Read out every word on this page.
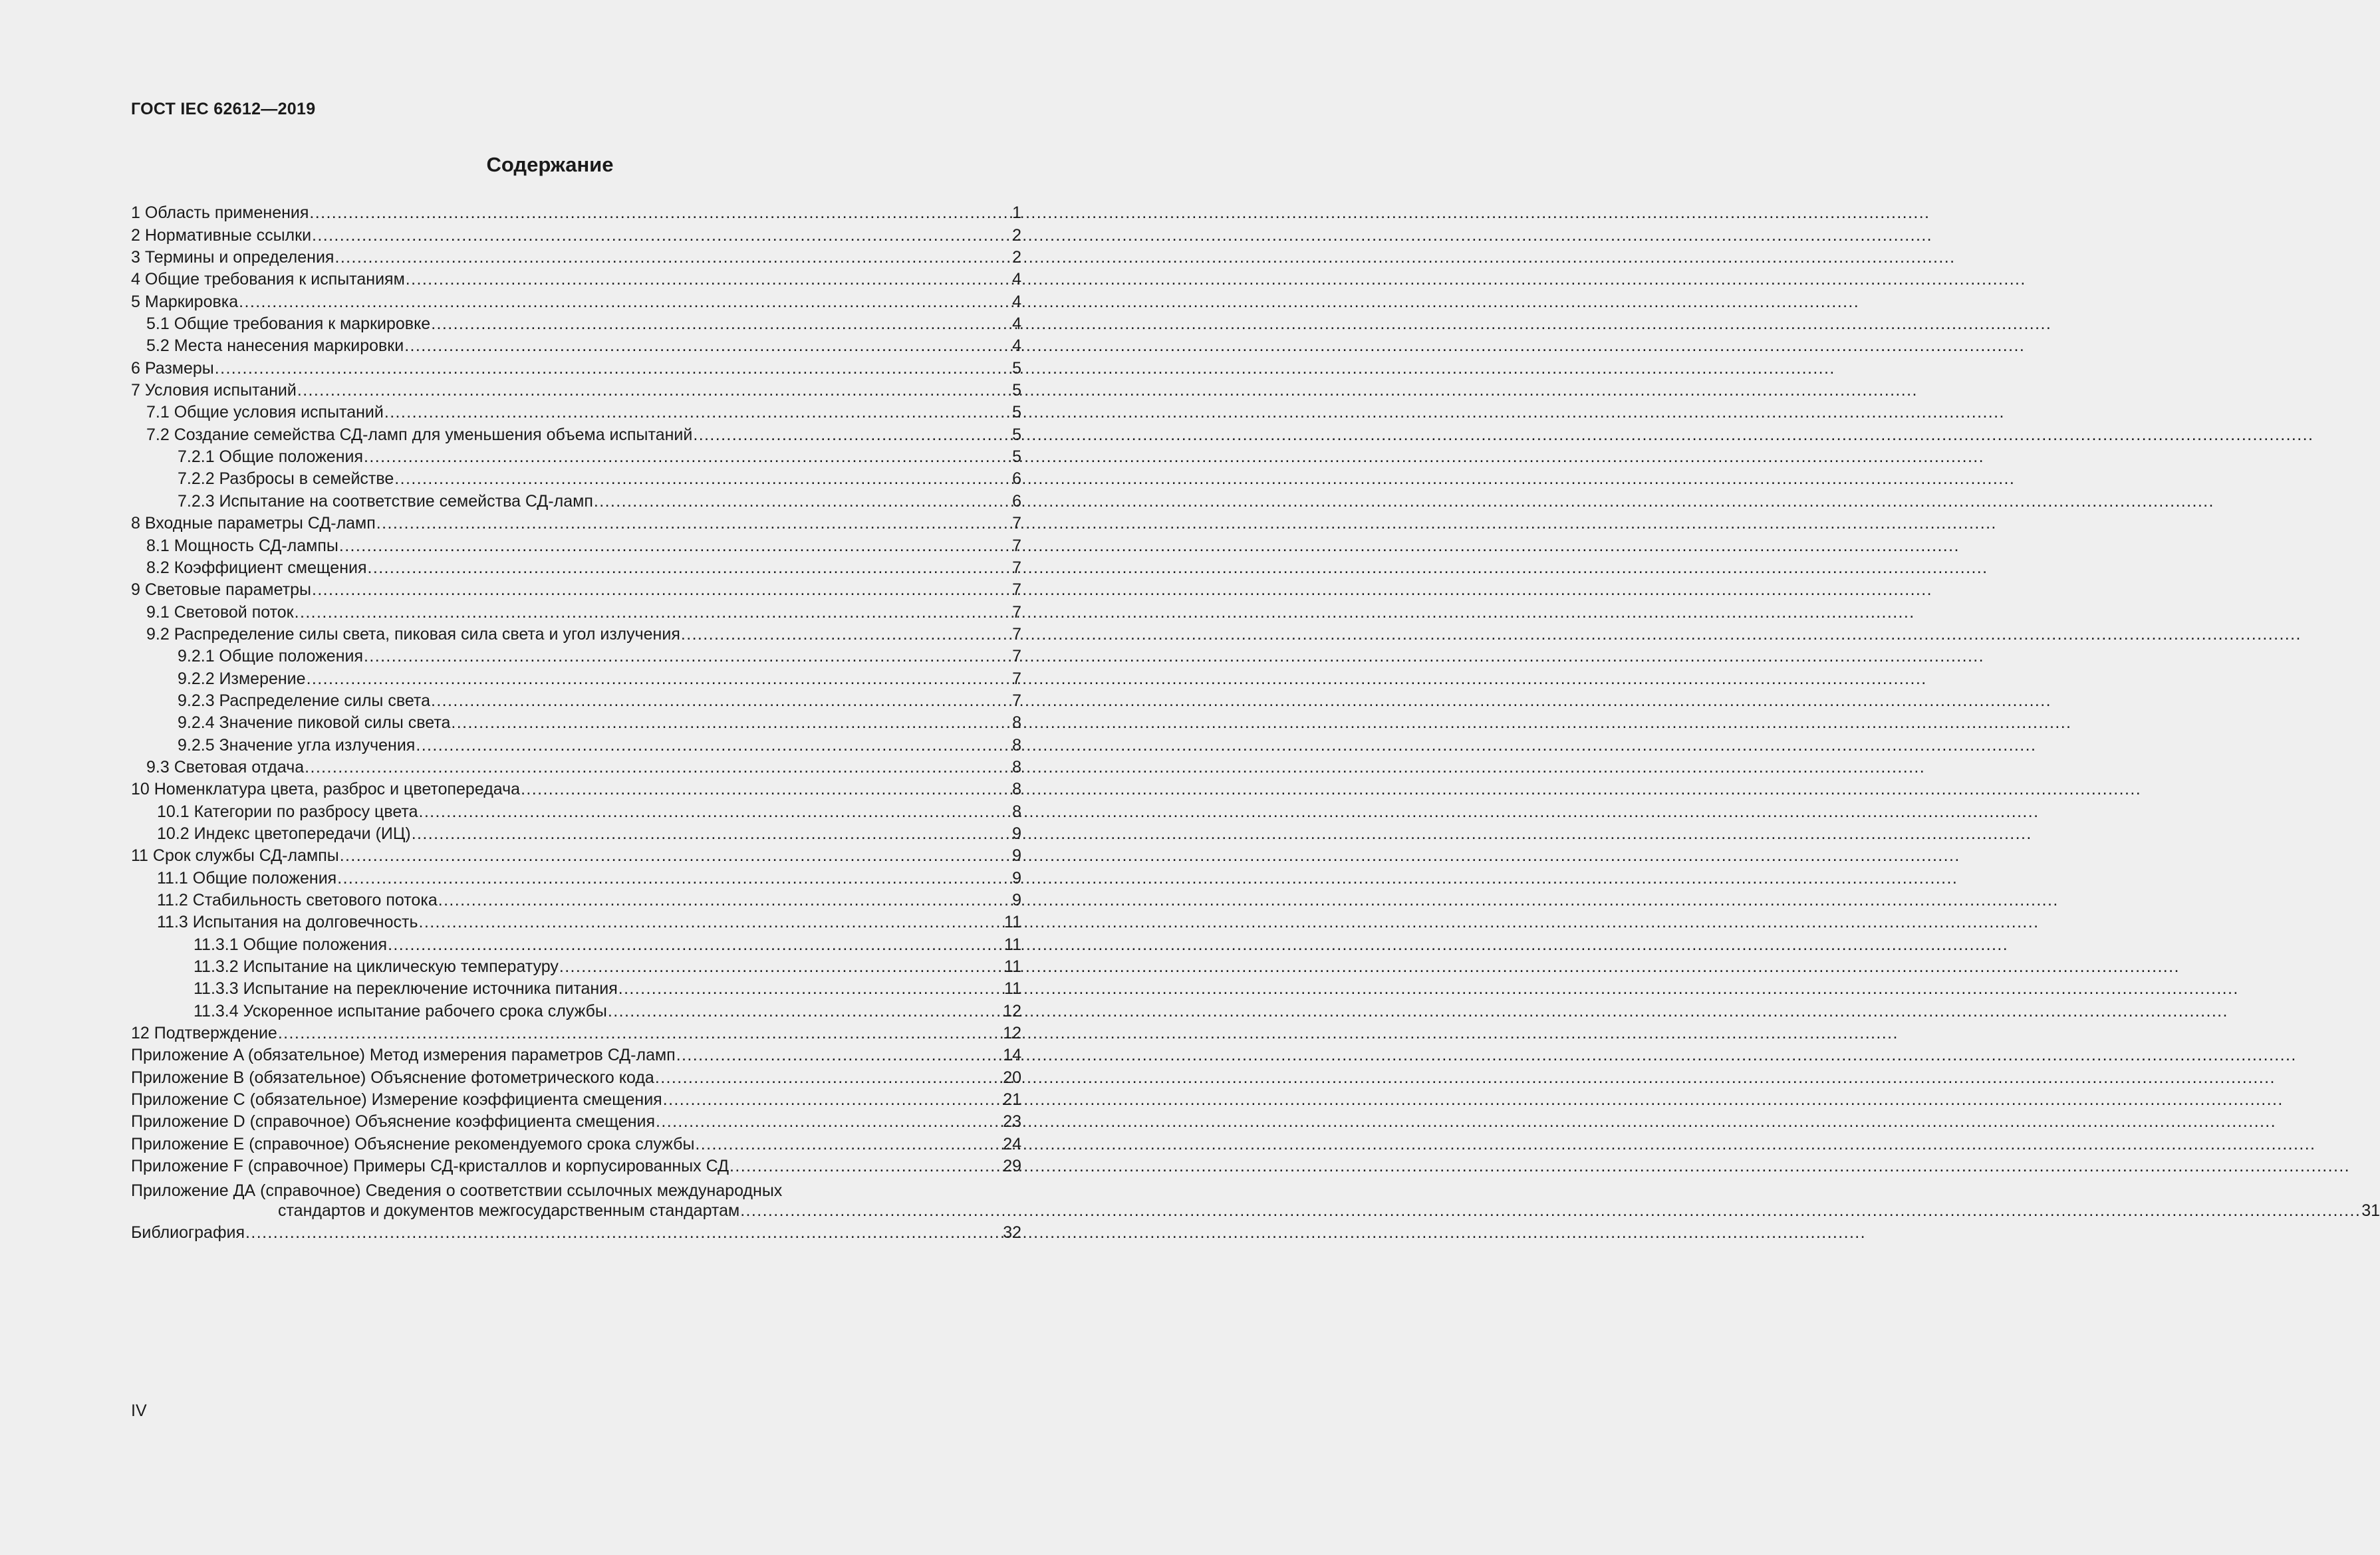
ГОСТ IEC 62612—2019
Содержание
1 Область применения .....	1
2 Нормативные ссылки .....	2
3 Термины и определения .....	2
4 Общие требования к испытаниям .....	4
5 Маркировка .....	4
5.1 Общие требования к маркировке .....	4
5.2 Места нанесения маркировки .....	4
6 Размеры .....	5
7 Условия испытаний .....	5
7.1 Общие условия испытаний .....	5
7.2 Создание семейства СД-ламп для уменьшения объема испытаний .....	5
7.2.1 Общие положения .....	5
7.2.2 Разбросы в семействе .....	6
7.2.3 Испытание на соответствие семейства СД-ламп .....	6
8 Входные параметры СД-ламп .....	7
8.1 Мощность СД-лампы .....	7
8.2 Коэффициент смещения .....	7
9 Световые параметры .....	7
9.1 Световой поток .....	7
9.2 Распределение силы света, пиковая сила света и угол излучения .....	7
9.2.1 Общие положения .....	7
9.2.2 Измерение .....	7
9.2.3 Распределение силы света .....	7
9.2.4 Значение пиковой силы света .....	8
9.2.5 Значение угла излучения .....	8
9.3 Световая отдача .....	8
10 Номенклатура цвета, разброс и цветопередача .....	8
10.1 Категории по разбросу цвета .....	8
10.2 Индекс цветопередачи (ИЦ) .....	9
11 Срок службы СД-лампы .....	9
11.1 Общие положения .....	9
11.2 Стабильность светового потока .....	9
11.3 Испытания на долговечность .....	11
11.3.1 Общие положения .....	11
11.3.2 Испытание на циклическую температуру .....	11
11.3.3 Испытание на переключение источника питания .....	11
11.3.4 Ускоренное испытание рабочего срока службы .....	12
12 Подтверждение .....	12
Приложение A (обязательное) Метод измерения параметров СД-ламп .....	14
Приложение B (обязательное) Объяснение фотометрического кода .....	20
Приложение C (обязательное) Измерение коэффициента смещения .....	21
Приложение D (справочное) Объяснение коэффициента смещения .....	23
Приложение E (справочное) Объяснение рекомендуемого срока службы .....	24
Приложение F (справочное) Примеры СД-кристаллов и корпусированных СД .....	29
Приложение ДА (справочное) Сведения о соответствии ссылочных международных
стандартов и документов межгосударственным стандартам .....	31
Библиография .....	32
IV
